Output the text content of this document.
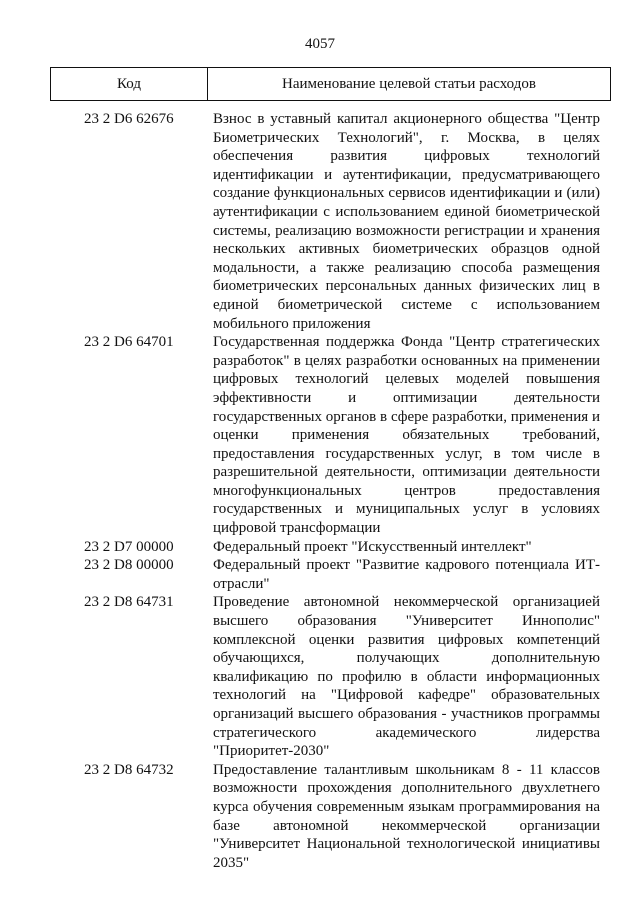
4057
Код	Наименование целевой статьи расходов
23 2 D6 62676	Взнос в уставный капитал акционерного общества "Центр Биометрических Технологий", г. Москва, в целях обеспечения развития цифровых технологий идентификации и аутентификации, предусматривающего создание функциональных сервисов идентификации и (или) аутентификации с использованием единой биометрической системы, реализацию возможности регистрации и хранения нескольких активных биометрических образцов одной модальности, а также реализацию способа размещения биометрических персональных данных физических лиц в единой биометрической системе с использованием мобильного приложения
23 2 D6 64701	Государственная поддержка Фонда "Центр стратегических разработок" в целях разработки основанных на применении цифровых технологий целевых моделей повышения эффективности и оптимизации деятельности государственных органов в сфере разработки, применения и оценки применения обязательных требований, предоставления государственных услуг, в том числе в разрешительной деятельности, оптимизации деятельности многофункциональных центров предоставления государственных и муниципальных услуг в условиях цифровой трансформации
23 2 D7 00000	Федеральный проект "Искусственный интеллект"
23 2 D8 00000	Федеральный проект "Развитие кадрового потенциала ИТ-отрасли"
23 2 D8 64731	Проведение автономной некоммерческой организацией высшего образования "Университет Иннополис" комплексной оценки развития цифровых компетенций обучающихся, получающих дополнительную квалификацию по профилю в области информационных технологий на "Цифровой кафедре" образовательных организаций высшего образования - участников программы стратегического академического лидерства "Приоритет-2030"
23 2 D8 64732	Предоставление талантливым школьникам 8 - 11 классов возможности прохождения дополнительного двухлетнего курса обучения современным языкам программирования на базе автономной некоммерческой организации "Университет Национальной технологической инициативы 2035"
